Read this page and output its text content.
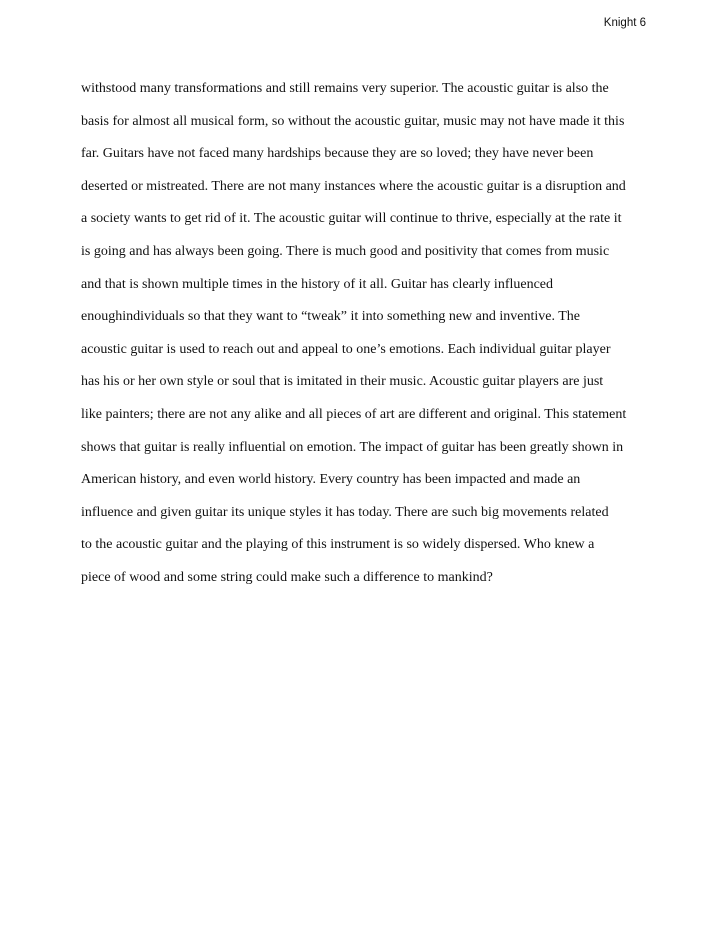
Knight 6
withstood many transformations and still remains very superior. The acoustic guitar is also the
basis for almost all musical form, so without the acoustic guitar, music may not have made it this
far. Guitars have not faced many hardships because they are so loved; they have never been
deserted or mistreated. There are not many instances where the acoustic guitar is a disruption and
a society wants to get rid of it. The acoustic guitar will continue to thrive, especially at the rate it
is going and has always been going. There is much good and positivity that comes from music
and that is shown multiple times in the history of it all. Guitar has clearly influenced
enoughindividuals so that they want to “tweak” it into something new and inventive. The
acoustic guitar is used to reach out and appeal to one’s emotions. Each individual guitar player
has his or her own style or soul that is imitated in their music. Acoustic guitar players are just
like painters; there are not any alike and all pieces of art are different and original. This statement
shows that guitar is really influential on emotion. The impact of guitar has been greatly shown in
American history, and even world history. Every country has been impacted and made an
influence and given guitar its unique styles it has today. There are such big movements related
to the acoustic guitar and the playing of this instrument is so widely dispersed. Who knew a
piece of wood and some string could make such a difference to mankind?
